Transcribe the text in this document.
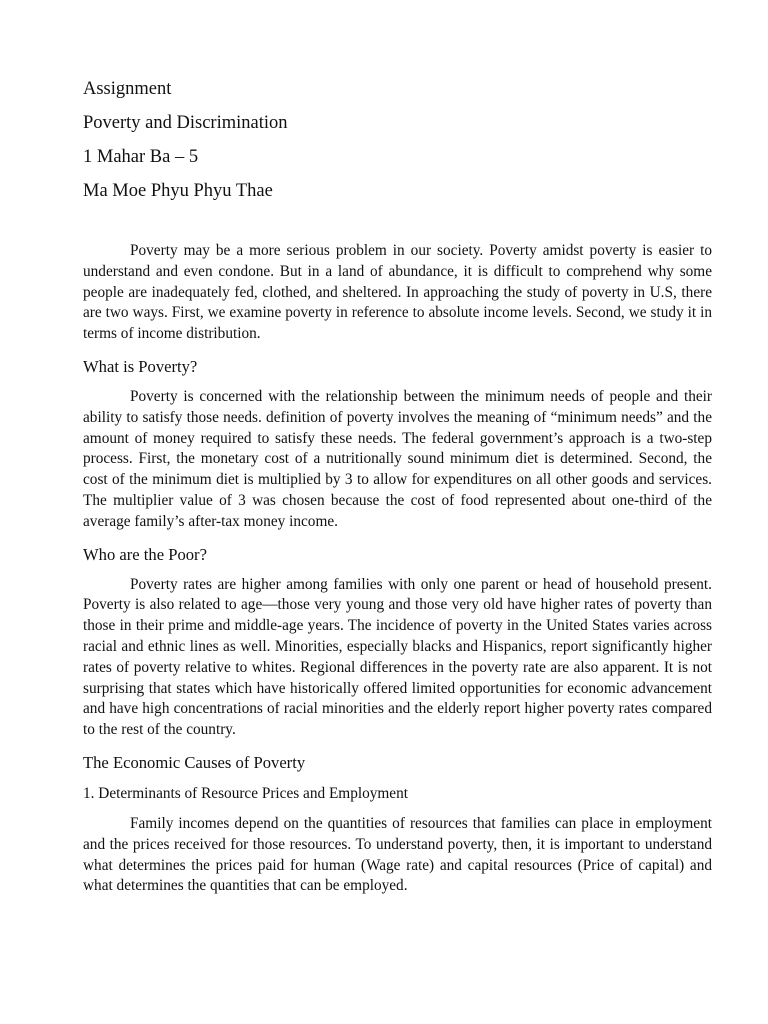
Assignment
Poverty and Discrimination
1 Mahar Ba – 5
Ma Moe Phyu Phyu Thae

Poverty may be a more serious problem in our society. Poverty amidst poverty is easier to understand and even condone. But in a land of abundance, it is difficult to comprehend why some people are inadequately fed, clothed, and sheltered. In approaching the study of poverty in U.S, there are two ways. First, we examine poverty in reference to absolute income levels. Second, we study it in terms of income distribution.

What is Poverty?

Poverty is concerned with the relationship between the minimum needs of people and their ability to satisfy those needs. definition of poverty involves the meaning of “minimum needs” and the amount of money required to satisfy these needs. The federal government’s approach is a two-step process. First, the monetary cost of a nutritionally sound minimum diet is determined. Second, the cost of the minimum diet is multiplied by 3 to allow for expenditures on all other goods and services. The multiplier value of 3 was chosen because the cost of food represented about one-third of the average family’s after-tax money income.

Who are the Poor?

Poverty rates are higher among families with only one parent or head of household present. Poverty is also related to age—those very young and those very old have higher rates of poverty than those in their prime and middle-age years. The incidence of poverty in the United States varies across racial and ethnic lines as well. Minorities, especially blacks and Hispanics, report significantly higher rates of poverty relative to whites. Regional differences in the poverty rate are also apparent. It is not surprising that states which have historically offered limited opportunities for economic advancement and have high concentrations of racial minorities and the elderly report higher poverty rates compared to the rest of the country.

The Economic Causes of Poverty
1. Determinants of Resource Prices and Employment

Family incomes depend on the quantities of resources that families can place in employment and the prices received for those resources. To understand poverty, then, it is important to understand what determines the prices paid for human (Wage rate) and capital resources (Price of capital) and what determines the quantities that can be employed.
